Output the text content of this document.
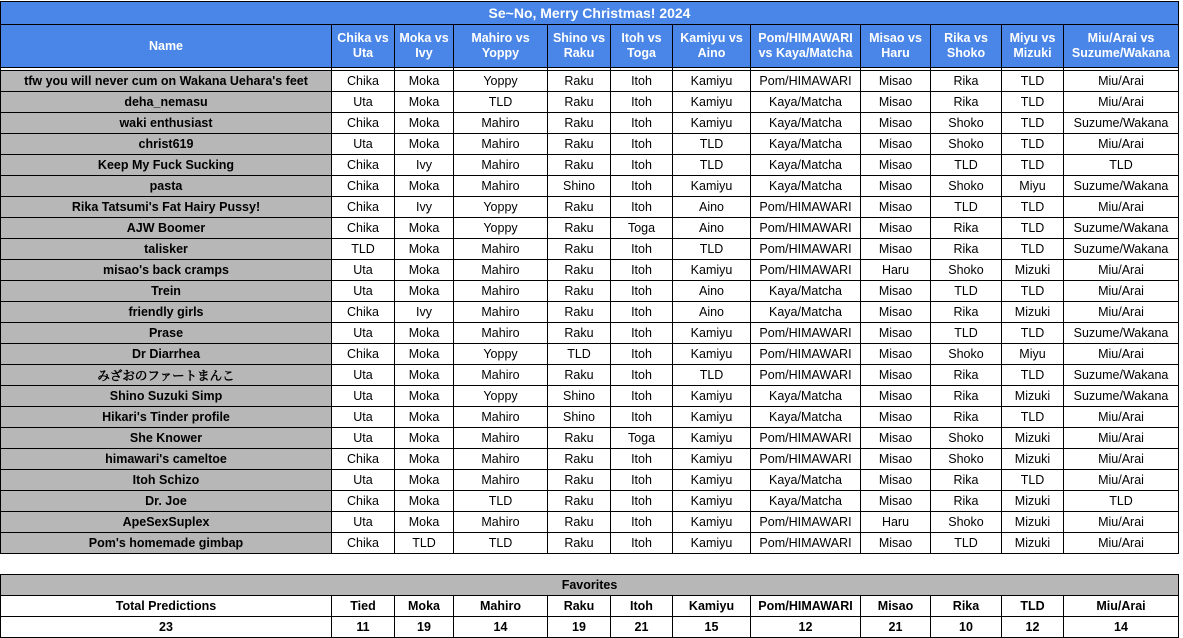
Se~No, Merry Christmas! 2024											
Name	Chika vs Uta	Moka vs Ivy	Mahiro vs Yoppy	Shino vs Raku	Itoh vs Toga	Kamiyu vs Aino	Pom/HIMAWARI vs Kaya/Matcha	Misao vs Haru	Rika vs Shoko	Miyu vs Mizuki	Miu/Arai vs Suzume/Wakana

tfw you will never cum on Wakana Uehara's feet	Chika	Moka	Yoppy	Raku	Itoh	Kamiyu	Pom/HIMAWARI	Misao	Rika	TLD	Miu/Arai
deha_nemasu	Uta	Moka	TLD	Raku	Itoh	Kamiyu	Kaya/Matcha	Misao	Rika	TLD	Miu/Arai
waki enthusiast	Chika	Moka	Mahiro	Raku	Itoh	Kamiyu	Kaya/Matcha	Misao	Shoko	TLD	Suzume/Wakana
christ619	Uta	Moka	Mahiro	Raku	Itoh	TLD	Kaya/Matcha	Misao	Shoko	TLD	Miu/Arai
Keep My Fuck Sucking	Chika	Ivy	Mahiro	Raku	Itoh	TLD	Kaya/Matcha	Misao	TLD	TLD	TLD
pasta	Chika	Moka	Mahiro	Shino	Itoh	Kamiyu	Kaya/Matcha	Misao	Shoko	Miyu	Suzume/Wakana
Rika Tatsumi's Fat Hairy Pussy!	Chika	Ivy	Yoppy	Raku	Itoh	Aino	Pom/HIMAWARI	Misao	TLD	TLD	Miu/Arai
AJW Boomer	Chika	Moka	Yoppy	Raku	Toga	Aino	Pom/HIMAWARI	Misao	Rika	TLD	Suzume/Wakana
talisker	TLD	Moka	Mahiro	Raku	Itoh	TLD	Pom/HIMAWARI	Misao	Rika	TLD	Suzume/Wakana
misao's back cramps	Uta	Moka	Mahiro	Raku	Itoh	Kamiyu	Pom/HIMAWARI	Haru	Shoko	Mizuki	Miu/Arai
Trein	Uta	Moka	Mahiro	Raku	Itoh	Aino	Kaya/Matcha	Misao	TLD	TLD	Miu/Arai
friendly girls	Chika	Ivy	Mahiro	Raku	Itoh	Aino	Kaya/Matcha	Misao	Rika	Mizuki	Miu/Arai
Prase	Uta	Moka	Mahiro	Raku	Itoh	Kamiyu	Pom/HIMAWARI	Misao	TLD	TLD	Suzume/Wakana
Dr Diarrhea	Chika	Moka	Yoppy	TLD	Itoh	Kamiyu	Pom/HIMAWARI	Misao	Shoko	Miyu	Miu/Arai
みざおのファートまんこ	Uta	Moka	Mahiro	Raku	Itoh	TLD	Pom/HIMAWARI	Misao	Rika	TLD	Suzume/Wakana
Shino Suzuki Simp	Uta	Moka	Yoppy	Shino	Itoh	Kamiyu	Kaya/Matcha	Misao	Rika	Mizuki	Suzume/Wakana
Hikari's Tinder profile	Uta	Moka	Mahiro	Shino	Itoh	Kamiyu	Kaya/Matcha	Misao	Rika	TLD	Miu/Arai
She Knower	Uta	Moka	Mahiro	Raku	Toga	Kamiyu	Pom/HIMAWARI	Misao	Shoko	Mizuki	Miu/Arai
himawari's cameltoe	Chika	Moka	Mahiro	Raku	Itoh	Kamiyu	Pom/HIMAWARI	Misao	Shoko	Mizuki	Miu/Arai
Itoh Schizo	Uta	Moka	Mahiro	Raku	Itoh	Kamiyu	Kaya/Matcha	Misao	Rika	TLD	Miu/Arai
Dr. Joe	Chika	Moka	TLD	Raku	Itoh	Kamiyu	Kaya/Matcha	Misao	Rika	Mizuki	TLD
ApeSexSuplex	Uta	Moka	Mahiro	Raku	Itoh	Kamiyu	Pom/HIMAWARI	Haru	Shoko	Mizuki	Miu/Arai
Pom's homemade gimbap	Chika	TLD	TLD	Raku	Itoh	Kamiyu	Pom/HIMAWARI	Misao	TLD	Mizuki	Miu/Arai
Favorites											
Total Predictions	Tied	Moka	Mahiro	Raku	Itoh	Kamiyu	Pom/HIMAWARI	Misao	Rika	TLD	Miu/Arai
23	11	19	14	19	21	15	12	21	10	12	14
